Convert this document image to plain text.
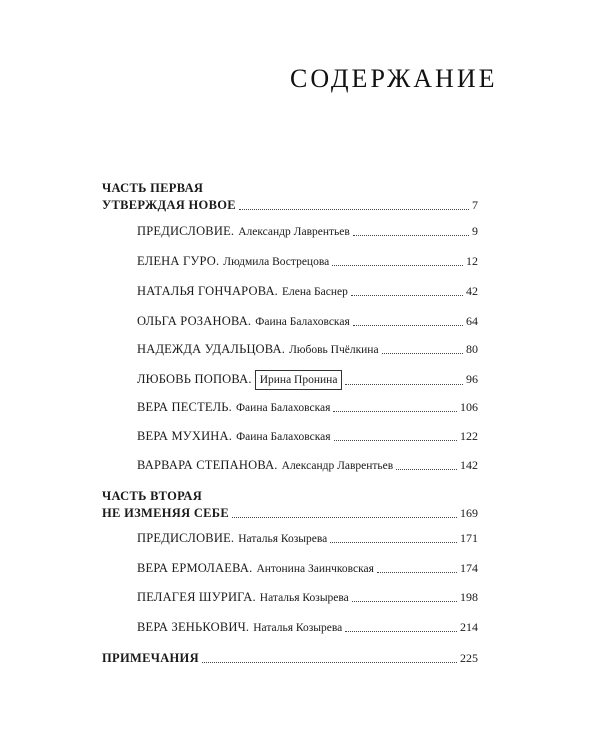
СОДЕРЖАНИЕ
ЧАСТЬ ПЕРВАЯ
УТВЕРЖДАЯ НОВОЕ	7
ПРЕДИСЛОВИЕ. Александр Лаврентьев	9
ЕЛЕНА ГУРО. Людмила Вострецова	12
НАТАЛЬЯ ГОНЧАРОВА. Елена Баснер	42
ОЛЬГА РОЗАНОВА. Фаина Балаховская	64
НАДЕЖДА УДАЛЬЦОВА. Любовь Пчёлкина	80
ЛЮБОВЬ ПОПОВА. Ирина Пронина	96
ВЕРА ПЕСТЕЛЬ. Фаина Балаховская	106
ВЕРА МУХИНА. Фаина Балаховская	122
ВАРВАРА СТЕПАНОВА. Александр Лаврентьев	142
ЧАСТЬ ВТОРАЯ
НЕ ИЗМЕНЯЯ СЕБЕ	169
ПРЕДИСЛОВИЕ. Наталья Козырева	171
ВЕРА ЕРМОЛАЕВА. Антонина Заинчковская	174
ПЕЛАГЕЯ ШУРИГА. Наталья Козырева	198
ВЕРА ЗЕНЬКОВИЧ. Наталья Козырева	214
ПРИМЕЧАНИЯ	225
